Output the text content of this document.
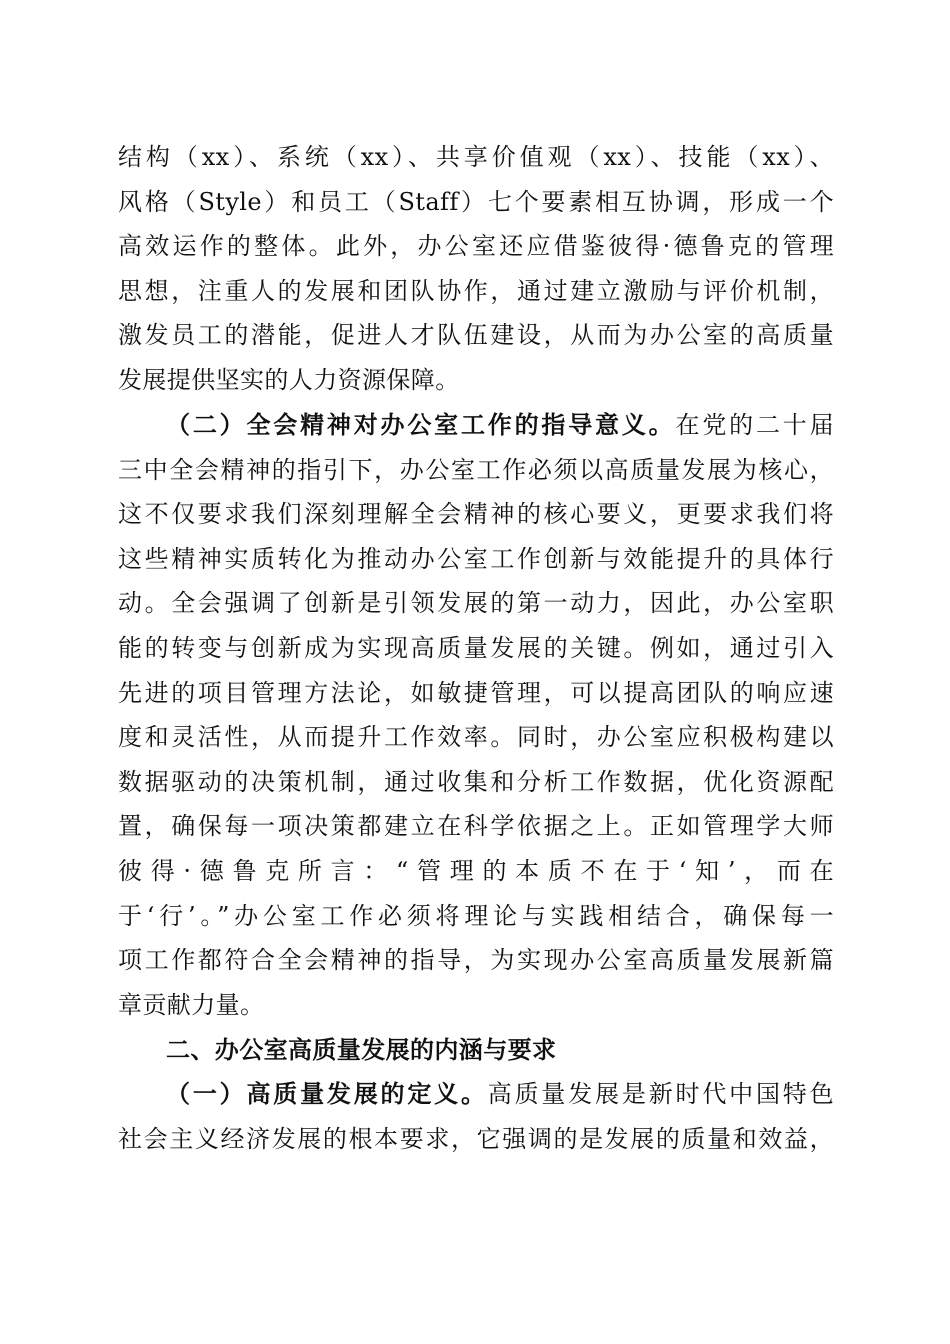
结构（xx）、系统（xx）、共享价值观（xx）、技能（xx）、
风格（Style）和员工（Staff）七个要素相互协调，形成一个
高效运作的整体。此外，办公室还应借鉴彼得·德鲁克的管理
思想，注重人的发展和团队协作，通过建立激励与评价机制，
激发员工的潜能，促进人才队伍建设，从而为办公室的高质量
发展提供坚实的人力资源保障。
（二）全会精神对办公室工作的指导意义。在党的二十届
三中全会精神的指引下，办公室工作必须以高质量发展为核心，
这不仅要求我们深刻理解全会精神的核心要义，更要求我们将
这些精神实质转化为推动办公室工作创新与效能提升的具体行
动。全会强调了创新是引领发展的第一动力，因此，办公室职
能的转变与创新成为实现高质量发展的关键。例如，通过引入
先进的项目管理方法论，如敏捷管理，可以提高团队的响应速
度和灵活性，从而提升工作效率。同时，办公室应积极构建以
数据驱动的决策机制，通过收集和分析工作数据，优化资源配
置，确保每一项决策都建立在科学依据之上。正如管理学大师
彼得·德鲁克所言：“管理的本质不在于‘知’，而在
于‘行’。”办公室工作必须将理论与实践相结合，确保每一
项工作都符合全会精神的指导，为实现办公室高质量发展新篇
章贡献力量。
二、办公室高质量发展的内涵与要求
（一）高质量发展的定义。高质量发展是新时代中国特色
社会主义经济发展的根本要求，它强调的是发展的质量和效益，
